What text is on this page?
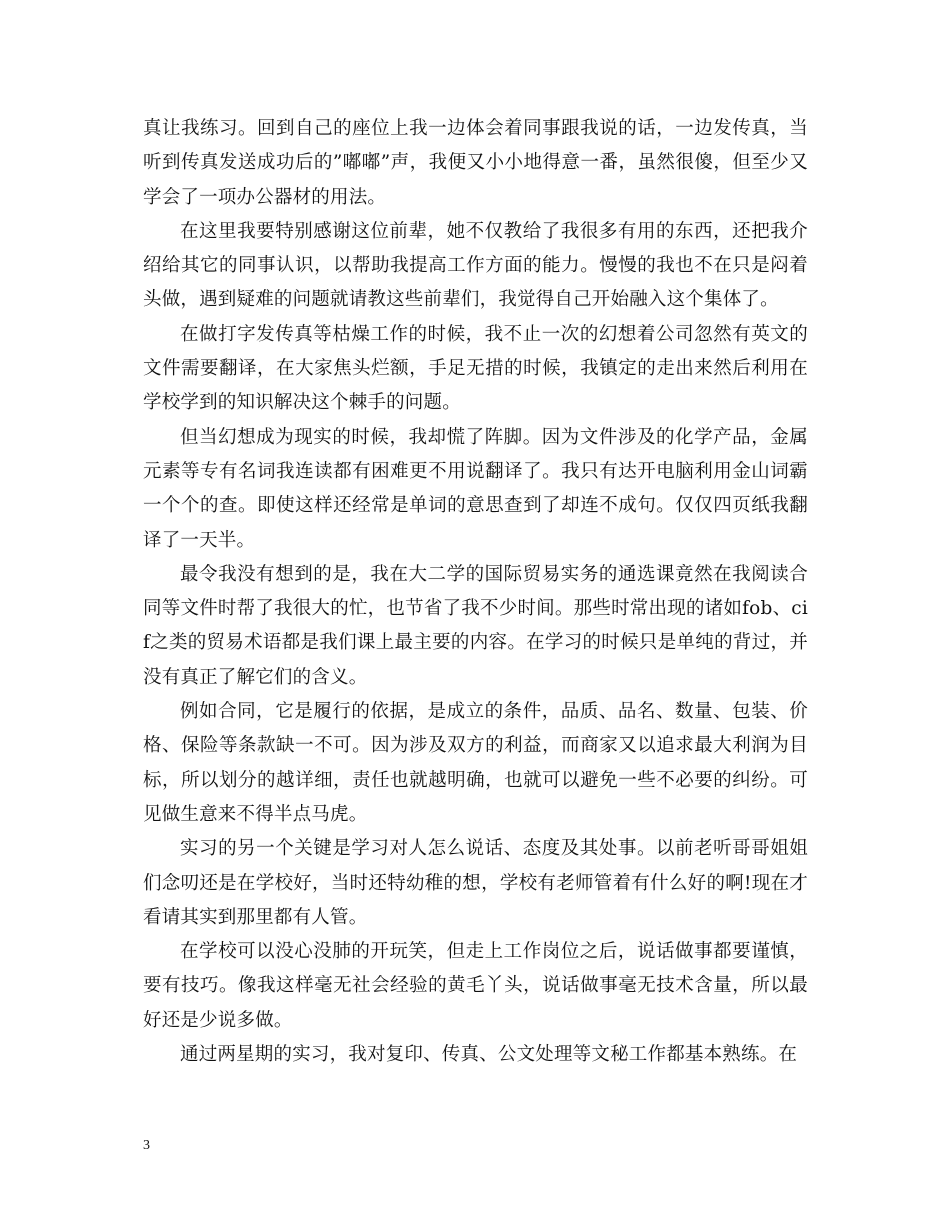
真让我练习。回到自己的座位上我一边体会着同事跟我说的话，一边发传真，当听到传真发送成功后的”嘟嘟”声，我便又小小地得意一番，虽然很傻，但至少又学会了一项办公器材的用法。

在这里我要特别感谢这位前辈，她不仅教给了我很多有用的东西，还把我介绍给其它的同事认识，以帮助我提高工作方面的能力。慢慢的我也不在只是闷着头做，遇到疑难的问题就请教这些前辈们，我觉得自己开始融入这个集体了。

在做打字发传真等枯燥工作的时候，我不止一次的幻想着公司忽然有英文的文件需要翻译，在大家焦头烂额，手足无措的时候，我镇定的走出来然后利用在学校学到的知识解决这个棘手的问题。

但当幻想成为现实的时候，我却慌了阵脚。因为文件涉及的化学产品，金属元素等专有名词我连读都有困难更不用说翻译了。我只有达开电脑利用金山词霸一个个的查。即使这样还经常是单词的意思查到了却连不成句。仅仅四页纸我翻译了一天半。

最令我没有想到的是，我在大二学的国际贸易实务的通选课竟然在我阅读合同等文件时帮了我很大的忙，也节省了我不少时间。那些时常出现的诸如fob、cif之类的贸易术语都是我们课上最主要的内容。在学习的时候只是单纯的背过，并没有真正了解它们的含义。

例如合同，它是履行的依据，是成立的条件，品质、品名、数量、包装、价格、保险等条款缺一不可。因为涉及双方的利益，而商家又以追求最大利润为目标，所以划分的越详细，责任也就越明确，也就可以避免一些不必要的纠纷。可见做生意来不得半点马虎。

实习的另一个关键是学习对人怎么说话、态度及其处事。以前老听哥哥姐姐们念叨还是在学校好，当时还特幼稚的想，学校有老师管着有什么好的啊!现在才看请其实到那里都有人管。

在学校可以没心没肺的开玩笑，但走上工作岗位之后，说话做事都要谨慎，要有技巧。像我这样毫无社会经验的黄毛丫头，说话做事毫无技术含量，所以最好还是少说多做。

通过两星期的实习，我对复印、传真、公文处理等文秘工作都基本熟练。在

3
